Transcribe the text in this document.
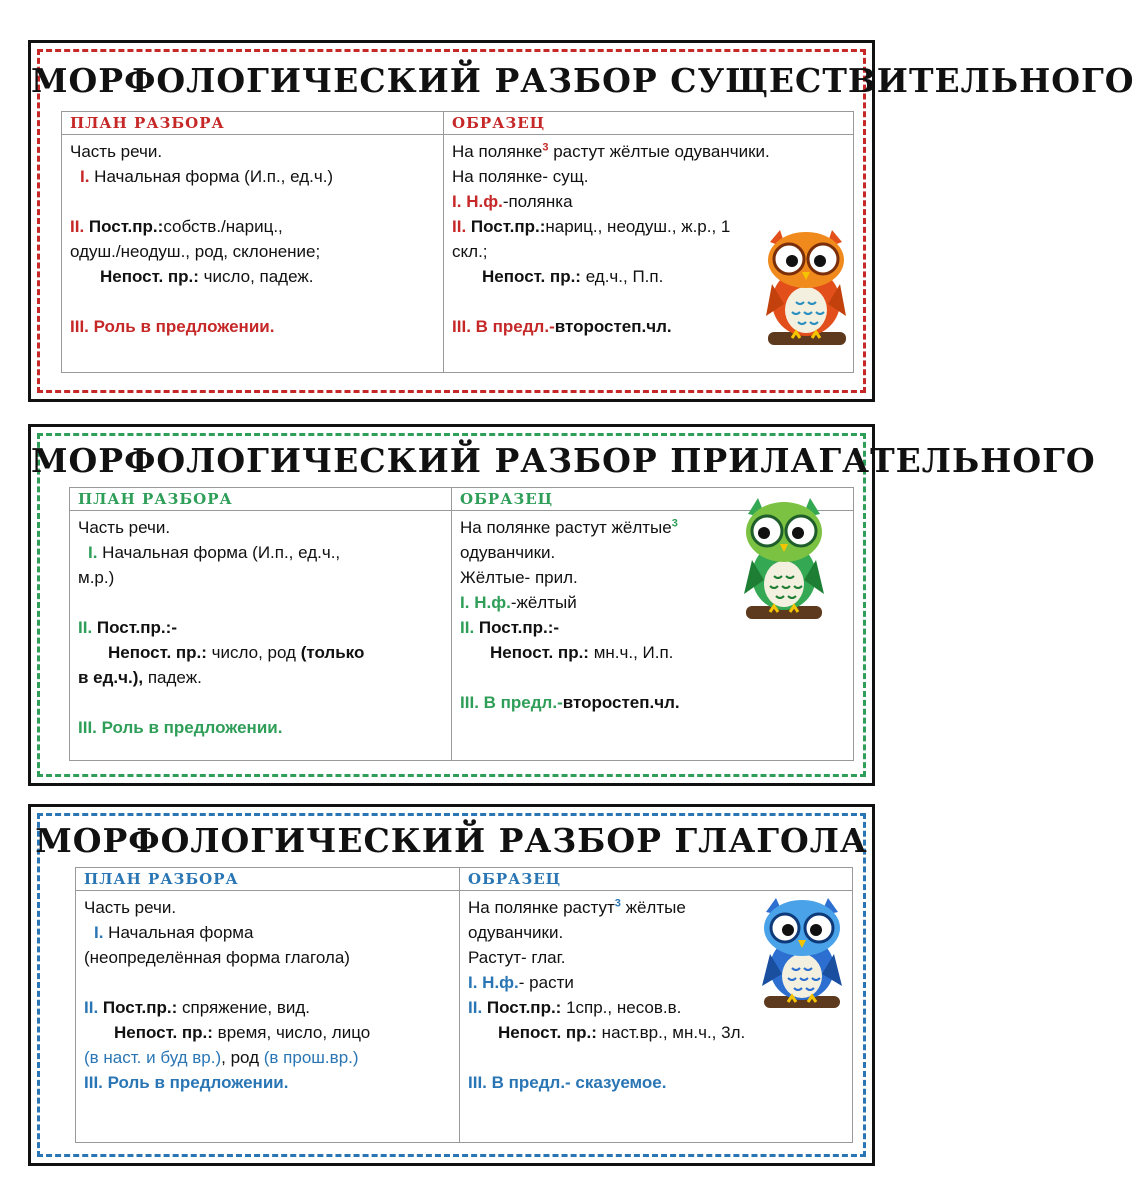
МОРФОЛОГИЧЕСКИЙ РАЗБОР СУЩЕСТВИТЕЛЬНОГО
ПЛАН РАЗБОРА
Часть речи.
I. Начальная форма (И.п., ед.ч.)
II. Пост.пр.:собств./нариц.,
одуш./неодуш., род, склонение;
Непост. пр.: число, падеж.
III. Роль в предложении.
ОБРАЗЕЦ
На полянке$^3$ растут жёлтые одуванчики.
На полянке- сущ.
I. Н.ф.-полянка
II. Пост.пр.:нариц., неодуш., ж.р., 1
скл.;
Непост. пр.: ед.ч., П.п.
III. В предл.-второстеп.чл.
МОРФОЛОГИЧЕСКИЙ РАЗБОР ПРИЛАГАТЕЛЬНОГО
ПЛАН РАЗБОРА
Часть речи.
I. Начальная форма (И.п., ед.ч.,
м.р.)
II. Пост.пр.:-
Непост. пр.: число, род (только
в ед.ч.), падеж.
III. Роль в предложении.
ОБРАЗЕЦ
На полянке растут жёлтые$^3$
одуванчики.
Жёлтые- прил.
I. Н.ф.-жёлтый
II. Пост.пр.:-
Непост. пр.: мн.ч., И.п.
III. В предл.-второстеп.чл.
МОРФОЛОГИЧЕСКИЙ РАЗБОР ГЛАГОЛА
ПЛАН РАЗБОРА
Часть речи.
I. Начальная форма
(неопределённая форма глагола)
II. Пост.пр.: спряжение, вид.
Непост. пр.: время, число, лицо
(в наст. и буд вр.), род (в прош.вр.)
III. Роль в предложении.
ОБРАЗЕЦ
На полянке растут$^3$ жёлтые
одуванчики.
Растут- глаг.
I. Н.ф.- расти
II. Пост.пр.: 1спр., несов.в.
Непост. пр.: наст.вр., мн.ч., 3л.
III. В предл.- сказуемое.
